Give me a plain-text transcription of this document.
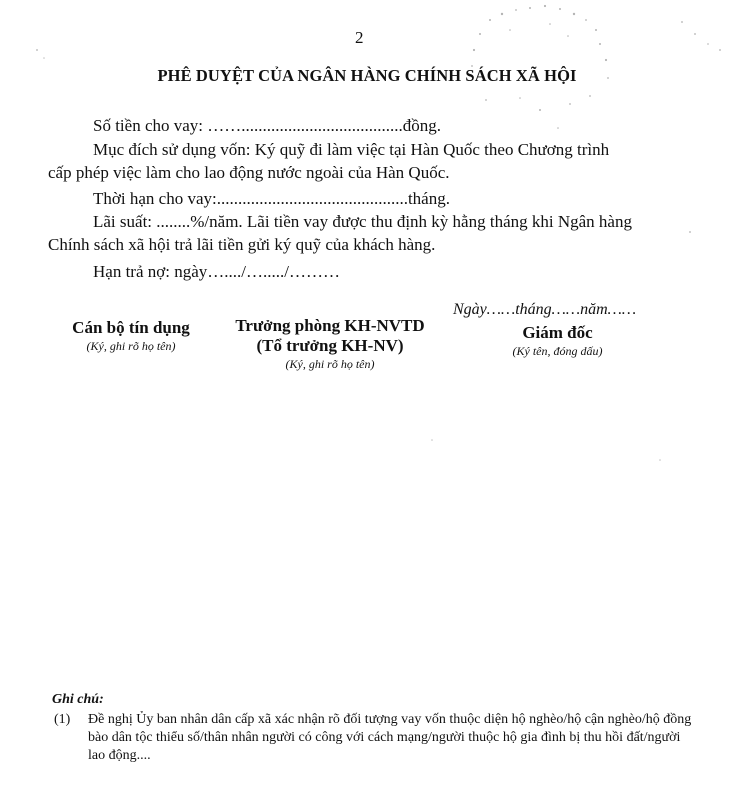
2
PHÊ DUYỆT CỦA NGÂN HÀNG CHÍNH SÁCH XÃ HỘI
Số tiền cho vay: ……......................................đồng.
Mục đích sử dụng vốn: Ký quỹ đi làm việc tại Hàn Quốc theo Chương trình
cấp phép việc làm cho lao động nước ngoài của Hàn Quốc.
Thời hạn cho vay:.............................................tháng.
Lãi suất: ........%/năm. Lãi tiền vay được thu định kỳ hằng tháng khi Ngân hàng
Chính sách xã hội trả lãi tiền gửi ký quỹ của khách hàng.
Hạn trả nợ: ngày…..../…...../………
Ngày……tháng……năm……
Cán bộ tín dụng
(Ký, ghi rõ họ tên)
Trưởng phòng KH-NVTD
(Tổ trưởng KH-NV)
(Ký, ghi rõ họ tên)
Giám đốc
(Ký tên, đóng dấu)
Ghi chú:
(1) Đề nghị Ủy ban nhân dân cấp xã xác nhận rõ đối tượng vay vốn thuộc diện hộ nghèo/hộ cận nghèo/hộ đồng bào dân tộc thiểu số/thân nhân người có công với cách mạng/người thuộc hộ gia đình bị thu hồi đất/người lao động....
